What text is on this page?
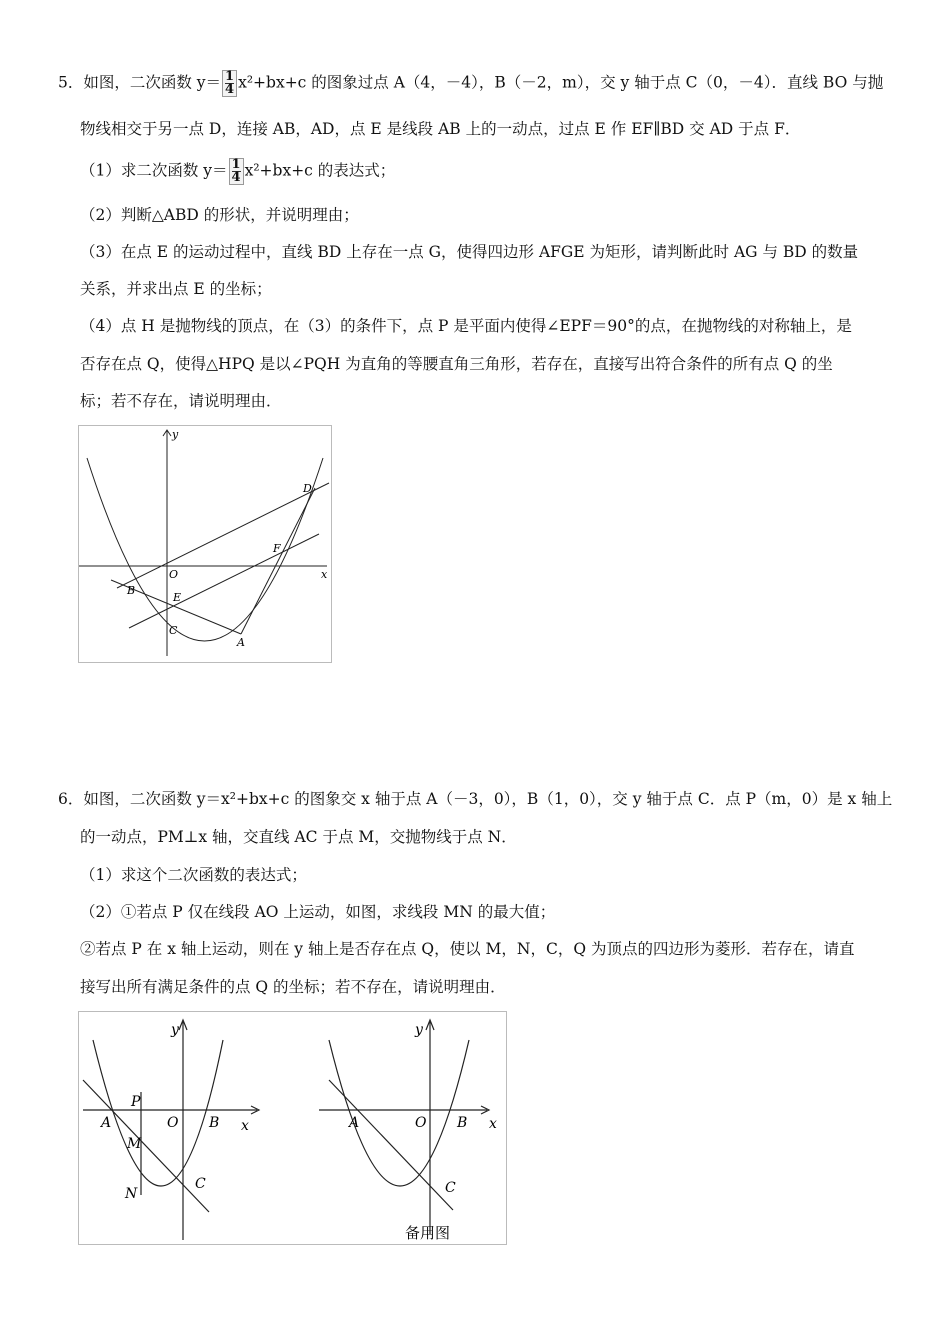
5．如图，二次函数 $y= \frac{1}{4} x^2+bx+c$ 的图象过点 A（4，－4），B（－2，m），交 y 轴于点 C（0，－4）．直线 BO 与抛
物线相交于另一点 D，连接 AB，AD，点 E 是线段 AB 上的一动点，过点 E 作 EF∥BD 交 AD 于点 F．
（1）求二次函数 $y= \frac{1}{4} x^2+bx+c$ 的表达式；
（2）判断△ABD 的形状，并说明理由；
（3）在点 E 的运动过程中，直线 BD 上存在一点 G，使得四边形 AFGE 为矩形，请判断此时 AG 与 BD 的数量
关系，并求出点 E 的坐标；
（4）点 H 是抛物线的顶点，在（3）的条件下，点 P 是平面内使得∠EPF＝90°的点，在抛物线的对称轴上，是
否存在点 Q，使得△HPQ 是以∠PQH 为直角的等腰直角三角形，若存在，直接写出符合条件的所有点 Q 的坐
标；若不存在，请说明理由．
y
x
O
B
E
C
A
D
F
6．如图，二次函数 y＝x²+bx+c 的图象交 x 轴于点 A（－3，0），B（1，0），交 y 轴于点 C．点 P（m，0）是 x 轴上
的一动点，PM⊥x 轴，交直线 AC 于点 M，交抛物线于点 N．
（1）求这个二次函数的表达式；
（2）①若点 P 仅在线段 AO 上运动，如图，求线段 MN 的最大值；
②若点 P 在 x 轴上运动，则在 y 轴上是否存在点 Q，使以 M，N，C，Q 为顶点的四边形为菱形．若存在，请直
接写出所有满足条件的点 Q 的坐标；若不存在，请说明理由．
y
x
P
A	O B
M
N
C
y
x
A	O B
C
备用图
